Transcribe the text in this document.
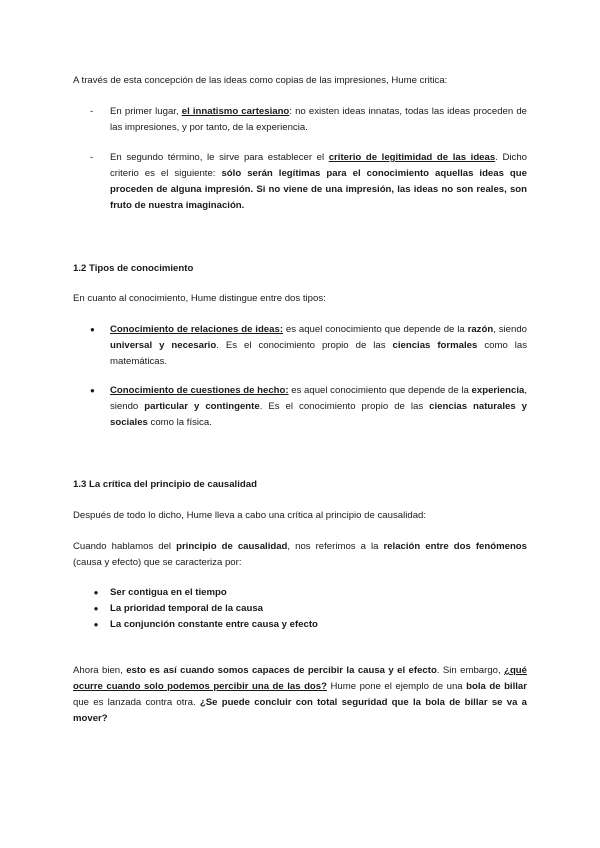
A través de esta concepción de las ideas como copias de las impresiones, Hume critica:
-	En primer lugar, el innatismo cartesiano: no existen ideas innatas, todas las ideas proceden de las impresiones, y por tanto, de la experiencia.
-	En segundo término, le sirve para establecer el criterio de legitimidad de las ideas. Dicho criterio es el siguiente: sólo serán legítimas para el conocimiento aquellas ideas que proceden de alguna impresión. Si no viene de una impresión, las ideas no son reales, son fruto de nuestra imaginación.
1.2 Tipos de conocimiento
En cuanto al conocimiento, Hume distingue entre dos tipos:
●	Conocimiento de relaciones de ideas: es aquel conocimiento que depende de la razón, siendo universal y necesario. Es el conocimiento propio de las ciencias formales como las matemáticas.
●	Conocimiento de cuestiones de hecho: es aquel conocimiento que depende de la experiencia, siendo particular y contingente. Es el conocimiento propio de las ciencias naturales y sociales como la física.
1.3 La crítica del principio de causalidad
Después de todo lo dicho, Hume lleva a cabo una crítica al principio de causalidad:
Cuando hablamos del principio de causalidad, nos referimos a la relación entre dos fenómenos (causa y efecto) que se caracteriza por:
●	Ser contigua en el tiempo
●	La prioridad temporal de la causa
●	La conjunción constante entre causa y efecto
Ahora bien, esto es así cuando somos capaces de percibir la causa y el efecto. Sin embargo, ¿qué ocurre cuando solo podemos percibir una de las dos? Hume pone el ejemplo de una bola de billar que es lanzada contra otra. ¿Se puede concluir con total seguridad que la bola de billar se va a mover?
